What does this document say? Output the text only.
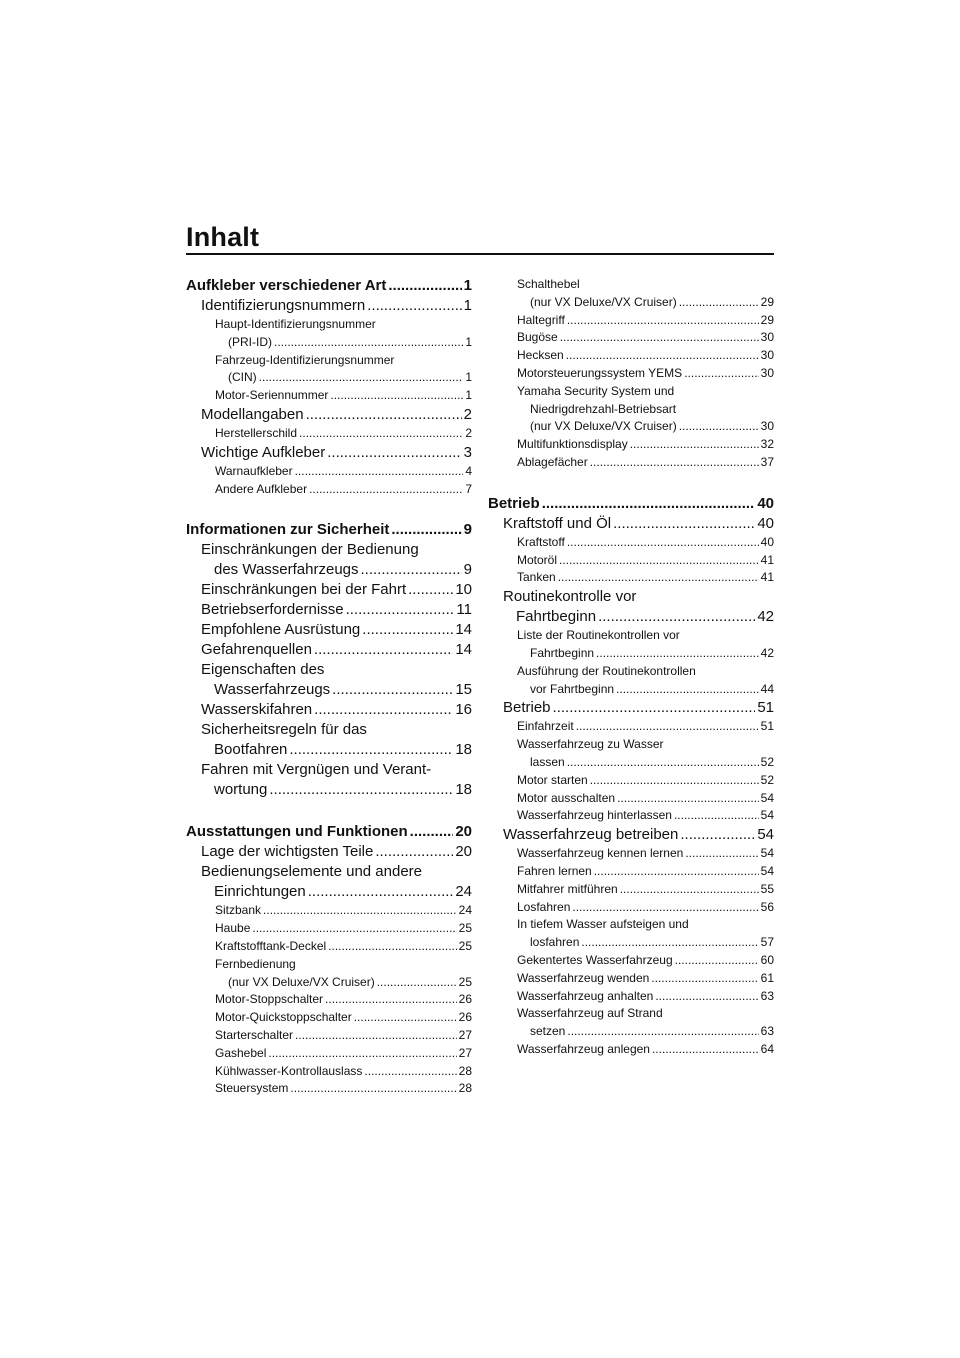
Inhalt
Aufkleber verschiedener Art .....	1
Identifizierungsnummern .....	1
Haupt-Identifizierungsnummer
(PRI-ID) .....	1
Fahrzeug-Identifizierungsnummer
(CIN) .....	1
Motor-Seriennummer .....	1
Modellangaben .....	2
Herstellerschild .....	2
Wichtige Aufkleber .....	3
Warnaufkleber .....	4
Andere Aufkleber .....	7
Informationen zur Sicherheit .....	9
Einschränkungen der Bedienung
des Wasserfahrzeugs .....	9
Einschränkungen bei der Fahrt .....	10
Betriebserfordernisse .....	11
Empfohlene Ausrüstung .....	14
Gefahrenquellen .....	14
Eigenschaften des
Wasserfahrzeugs .....	15
Wasserskifahren .....	16
Sicherheitsregeln für das
Bootfahren .....	18
Fahren mit Vergnügen und Verant-
wortung .....	18
Ausstattungen und Funktionen .....	20
Lage der wichtigsten Teile .....	20
Bedienungselemente und andere
Einrichtungen .....	24
Sitzbank .....	24
Haube .....	25
Kraftstofftank-Deckel .....	25
Fernbedienung
(nur VX Deluxe/VX Cruiser) .....	25
Motor-Stoppschalter .....	26
Motor-Quickstoppschalter .....	26
Starterschalter .....	27
Gashebel .....	27
Kühlwasser-Kontrollauslass .....	28
Steuersystem .....	28
Schalthebel
(nur VX Deluxe/VX Cruiser) .....	29
Haltegriff .....	29
Bugöse .....	30
Hecksen .....	30
Motorsteuerungssystem YEMS .....	30
Yamaha Security System und
Niedrigdrehzahl-Betriebsart
(nur VX Deluxe/VX Cruiser) .....	30
Multifunktionsdisplay .....	32
Ablagefächer .....	37
Betrieb .....	40
Kraftstoff und Öl .....	40
Kraftstoff .....	40
Motoröl .....	41
Tanken .....	41
Routinekontrolle vor
Fahrtbeginn .....	42
Liste der Routinekontrollen vor
Fahrtbeginn .....	42
Ausführung der Routinekontrollen
vor Fahrtbeginn .....	44
Betrieb .....	51
Einfahrzeit .....	51
Wasserfahrzeug zu Wasser
lassen .....	52
Motor starten .....	52
Motor ausschalten .....	54
Wasserfahrzeug hinterlassen .....	54
Wasserfahrzeug betreiben .....	54
Wasserfahrzeug kennen lernen .....	54
Fahren lernen .....	54
Mitfahrer mitführen .....	55
Losfahren .....	56
In tiefem Wasser aufsteigen und
losfahren .....	57
Gekentertes Wasserfahrzeug .....	60
Wasserfahrzeug wenden .....	61
Wasserfahrzeug anhalten .....	63
Wasserfahrzeug auf Strand
setzen .....	63
Wasserfahrzeug anlegen .....	64
